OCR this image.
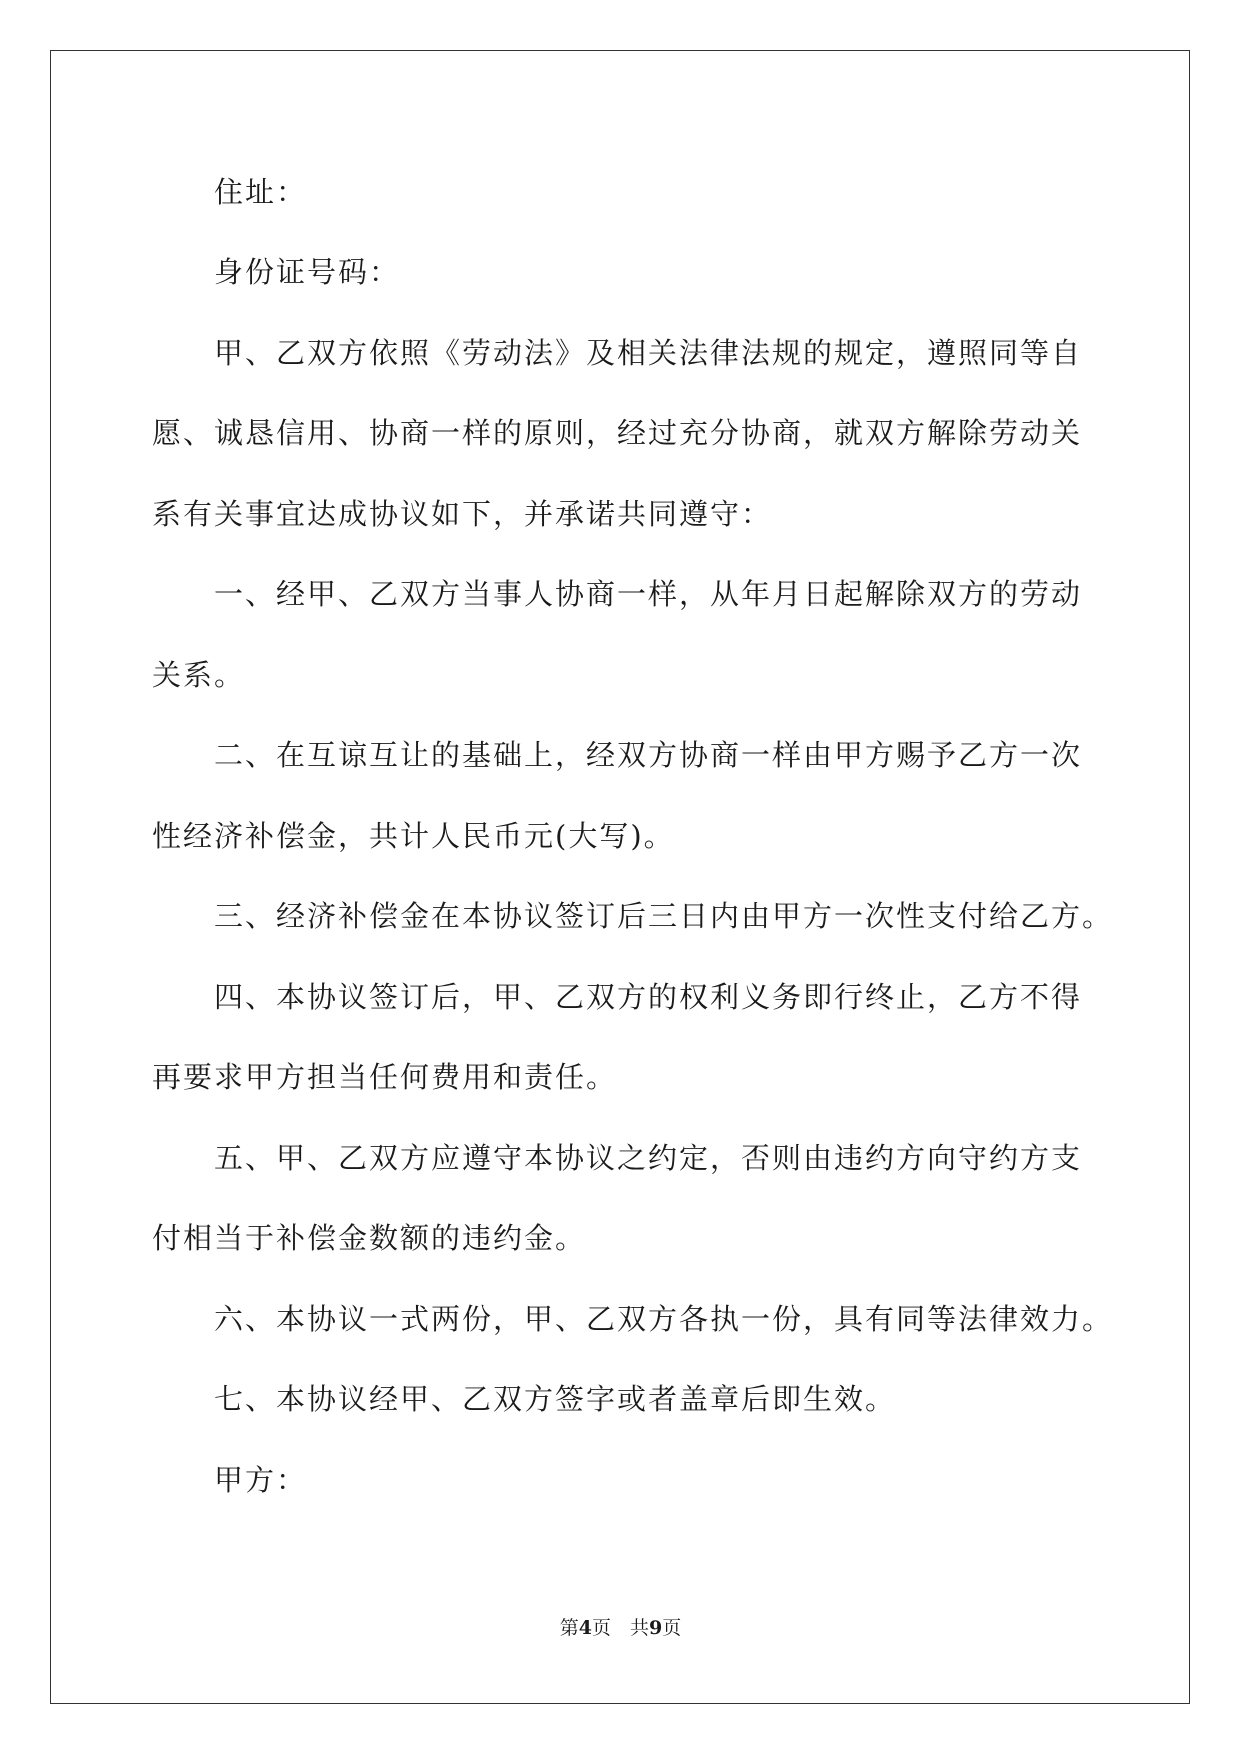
住址：
身份证号码：
甲、乙双方依照《劳动法》及相关法律法规的规定，遵照同等自
愿、诚恳信用、协商一样的原则，经过充分协商，就双方解除劳动关
系有关事宜达成协议如下，并承诺共同遵守：
一、经甲、乙双方当事人协商一样，从年月日起解除双方的劳动
关系。
二、在互谅互让的基础上，经双方协商一样由甲方赐予乙方一次
性经济补偿金，共计人民币元(大写)。
三、经济补偿金在本协议签订后三日内由甲方一次性支付给乙方。
四、本协议签订后，甲、乙双方的权利义务即行终止，乙方不得
再要求甲方担当任何费用和责任。
五、甲、乙双方应遵守本协议之约定，否则由违约方向守约方支
付相当于补偿金数额的违约金。
六、本协议一式两份，甲、乙双方各执一份，具有同等法律效力。
七、本协议经甲、乙双方签字或者盖章后即生效。
甲方：
第4页　共9页
